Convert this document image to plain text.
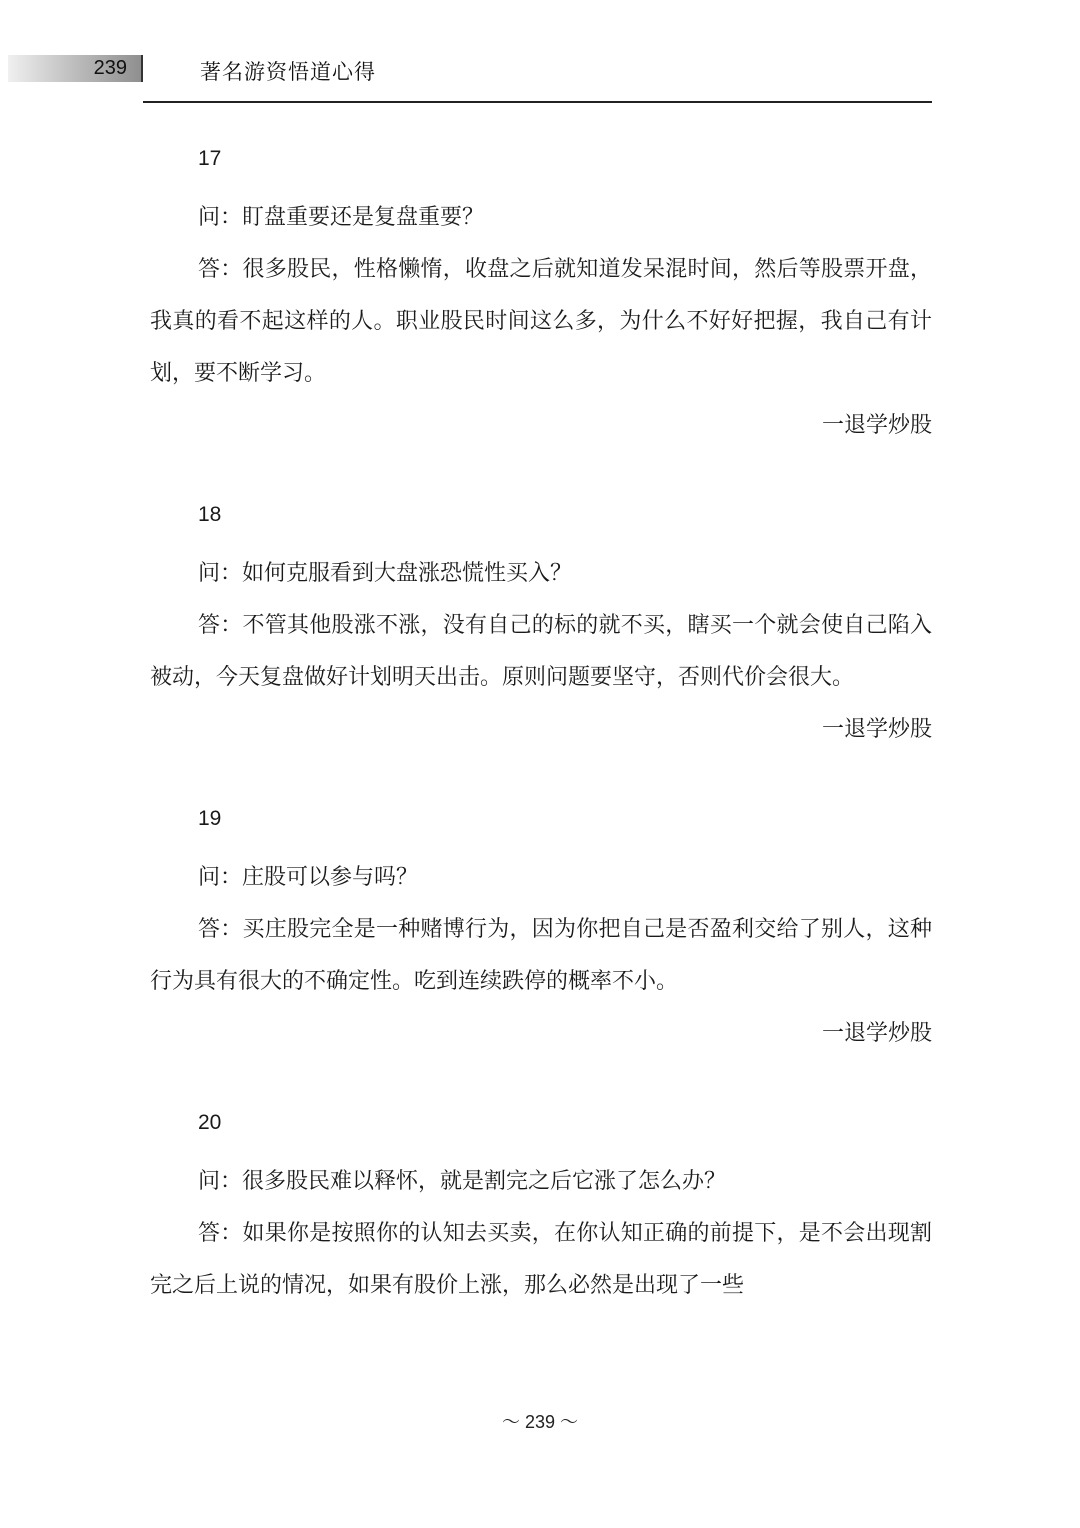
239	著名游资悟道心得

17

问：盯盘重要还是复盘重要？

答：很多股民，性格懒惰，收盘之后就知道发呆混时间，然后等股票开盘，我真的看不起这样的人。职业股民时间这么多，为什么不好好把握，我自己有计划，要不断学习。

一退学炒股

18

问：如何克服看到大盘涨恐慌性买入？

答：不管其他股涨不涨，没有自己的标的就不买，瞎买一个就会使自己陷入被动，今天复盘做好计划明天出击。原则问题要坚守，否则代价会很大。

一退学炒股

19

问：庄股可以参与吗？

答：买庄股完全是一种赌博行为，因为你把自己是否盈利交给了别人，这种行为具有很大的不确定性。吃到连续跌停的概率不小。

一退学炒股

20

问：很多股民难以释怀，就是割完之后它涨了怎么办？

答：如果你是按照你的认知去买卖，在你认知正确的前提下，是不会出现割完之后上说的情况，如果有股价上涨，那么必然是出现了一些

～ 239 ～
